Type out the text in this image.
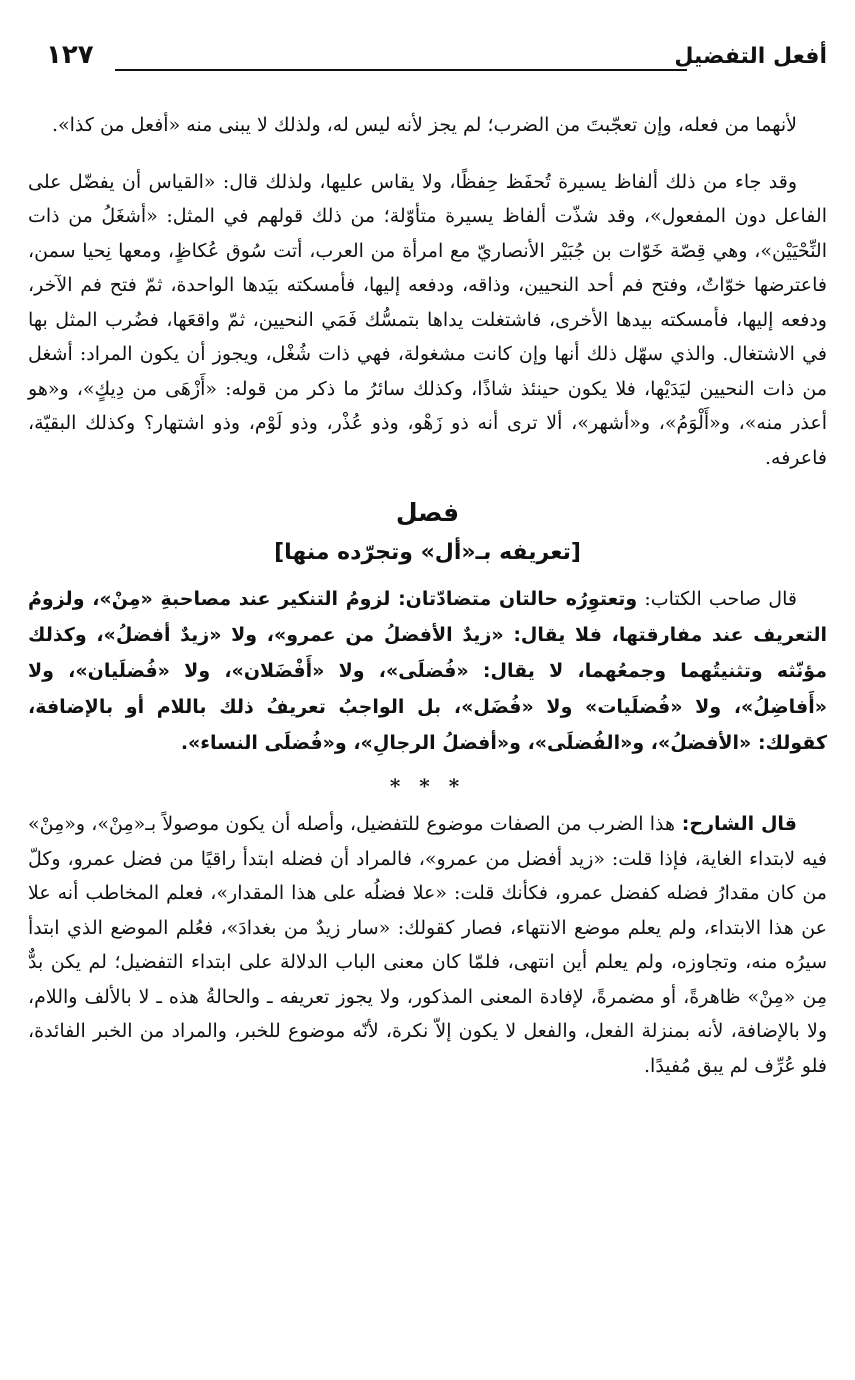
أفعل التفضيل
١٢٧

لأنهما من فعله، وإن تعجّبتَ من الضرب؛ لم يجز لأنه ليس له، ولذلك لا يبنى منه «أفعل من كذا».

وقد جاء من ذلك ألفاظ يسيرة تُحفَظ حِفظًا، ولا يقاس عليها، ولذلك قال: «القياس أن يفضّل على الفاعل دون المفعول»، وقد شذّت ألفاظ يسيرة متأوّلة؛ من ذلك قولهم في المثل: «أشغَلُ من ذات النِّحْيَيْن»، وهي قِصّة خَوّات بن جُبَيْر الأنصاريّ مع امرأة من العرب، أتت سُوق عُكاظٍ، ومعها نِحيا سمن، فاعترضها خوّاتٌ، وفتح فم أحد النحيين، وذاقه، ودفعه إليها، فأمسكته بيَدها الواحدة، ثمّ فتح فم الآخر، ودفعه إليها، فأمسكته بيدها الأخرى، فاشتغلت يداها بتمسُّك فَمَي النحيين، ثمّ واقعَها، فضُرب المثل بها في الاشتغال. والذي سهّل ذلك أنها وإن كانت مشغولة، فهي ذات شُغْل، ويجوز أن يكون المراد: أشغل من ذات النحيين ليَدَيْها، فلا يكون حينئذ شاذًا، وكذلك سائرُ ما ذكر من قوله: «أَزْهَى من دِيكٍ»، و«هو أعذر منه»، و«أَلْوَمُ»، و«أشهر»، ألا ترى أنه ذو زَهْو، وذو عُذْر، وذو لَوْم، وذو اشتهار؟ وكذلك البقيّة، فاعرفه.

فصل

[تعريفه بـ«أل» وتجرّده منها]

قال صاحب الكتاب: وتعتوِرُه حالتان متضادّتان: لزومُ التنكير عند مصاحبةِ «مِنْ»، ولزومُ التعريف عند مفارقتها، فلا يقال: «زيدٌ الأفضلُ من عمرو»، ولا «زيدٌ أفضلُ»، وكذلك مؤنّثه وتثنيتُهما وجمعُهما، لا يقال: «فُضلَى»، ولا «أَفْضَلان»، ولا «فُضلَيان»، ولا «أَفاضِلُ»، ولا «فُضلَيات» ولا «فُضَل»، بل الواجبُ تعريفُ ذلك باللام أو بالإضافة، كقولك: «الأفضلُ»، و«الفُضلَى»، و«أفضلُ الرجالِ»، و«فُضلَى النساء».

* * *

قال الشارح: هذا الضرب من الصفات موضوع للتفضيل، وأصله أن يكون موصولاً بـ«مِنْ»، و«مِنْ» فيه لابتداء الغاية، فإذا قلت: «زيد أفضل من عمرو»، فالمراد أن فضله ابتدأ راقيًا من فضل عمرو، وكلّ من كان مقدارُ فضله كفضل عمرو، فكأنك قلت: «علا فضلُه على هذا المقدار»، فعلم المخاطب أنه علا عن هذا الابتداء، ولم يعلم موضع الانتهاء، فصار كقولك: «سار زيدٌ من بغدادَ»، فعُلم الموضع الذي ابتدأ سيرُه منه، وتجاوزه، ولم يعلم أين انتهى، فلمّا كان معنى الباب الدلالة على ابتداء التفضيل؛ لم يكن بدٌّ مِن «مِنْ» ظاهرةً، أو مضمرةً، لإفادة المعنى المذكور، ولا يجوز تعريفه ـ والحالةُ هذه ـ لا بالألف واللام، ولا بالإضافة، لأنه بمنزلة الفعل، والفعل لا يكون إلاّ نكرة، لأنّه موضوع للخبر، والمراد من الخبر الفائدة، فلو عُرِّف لم يبق مُفيدًا.
